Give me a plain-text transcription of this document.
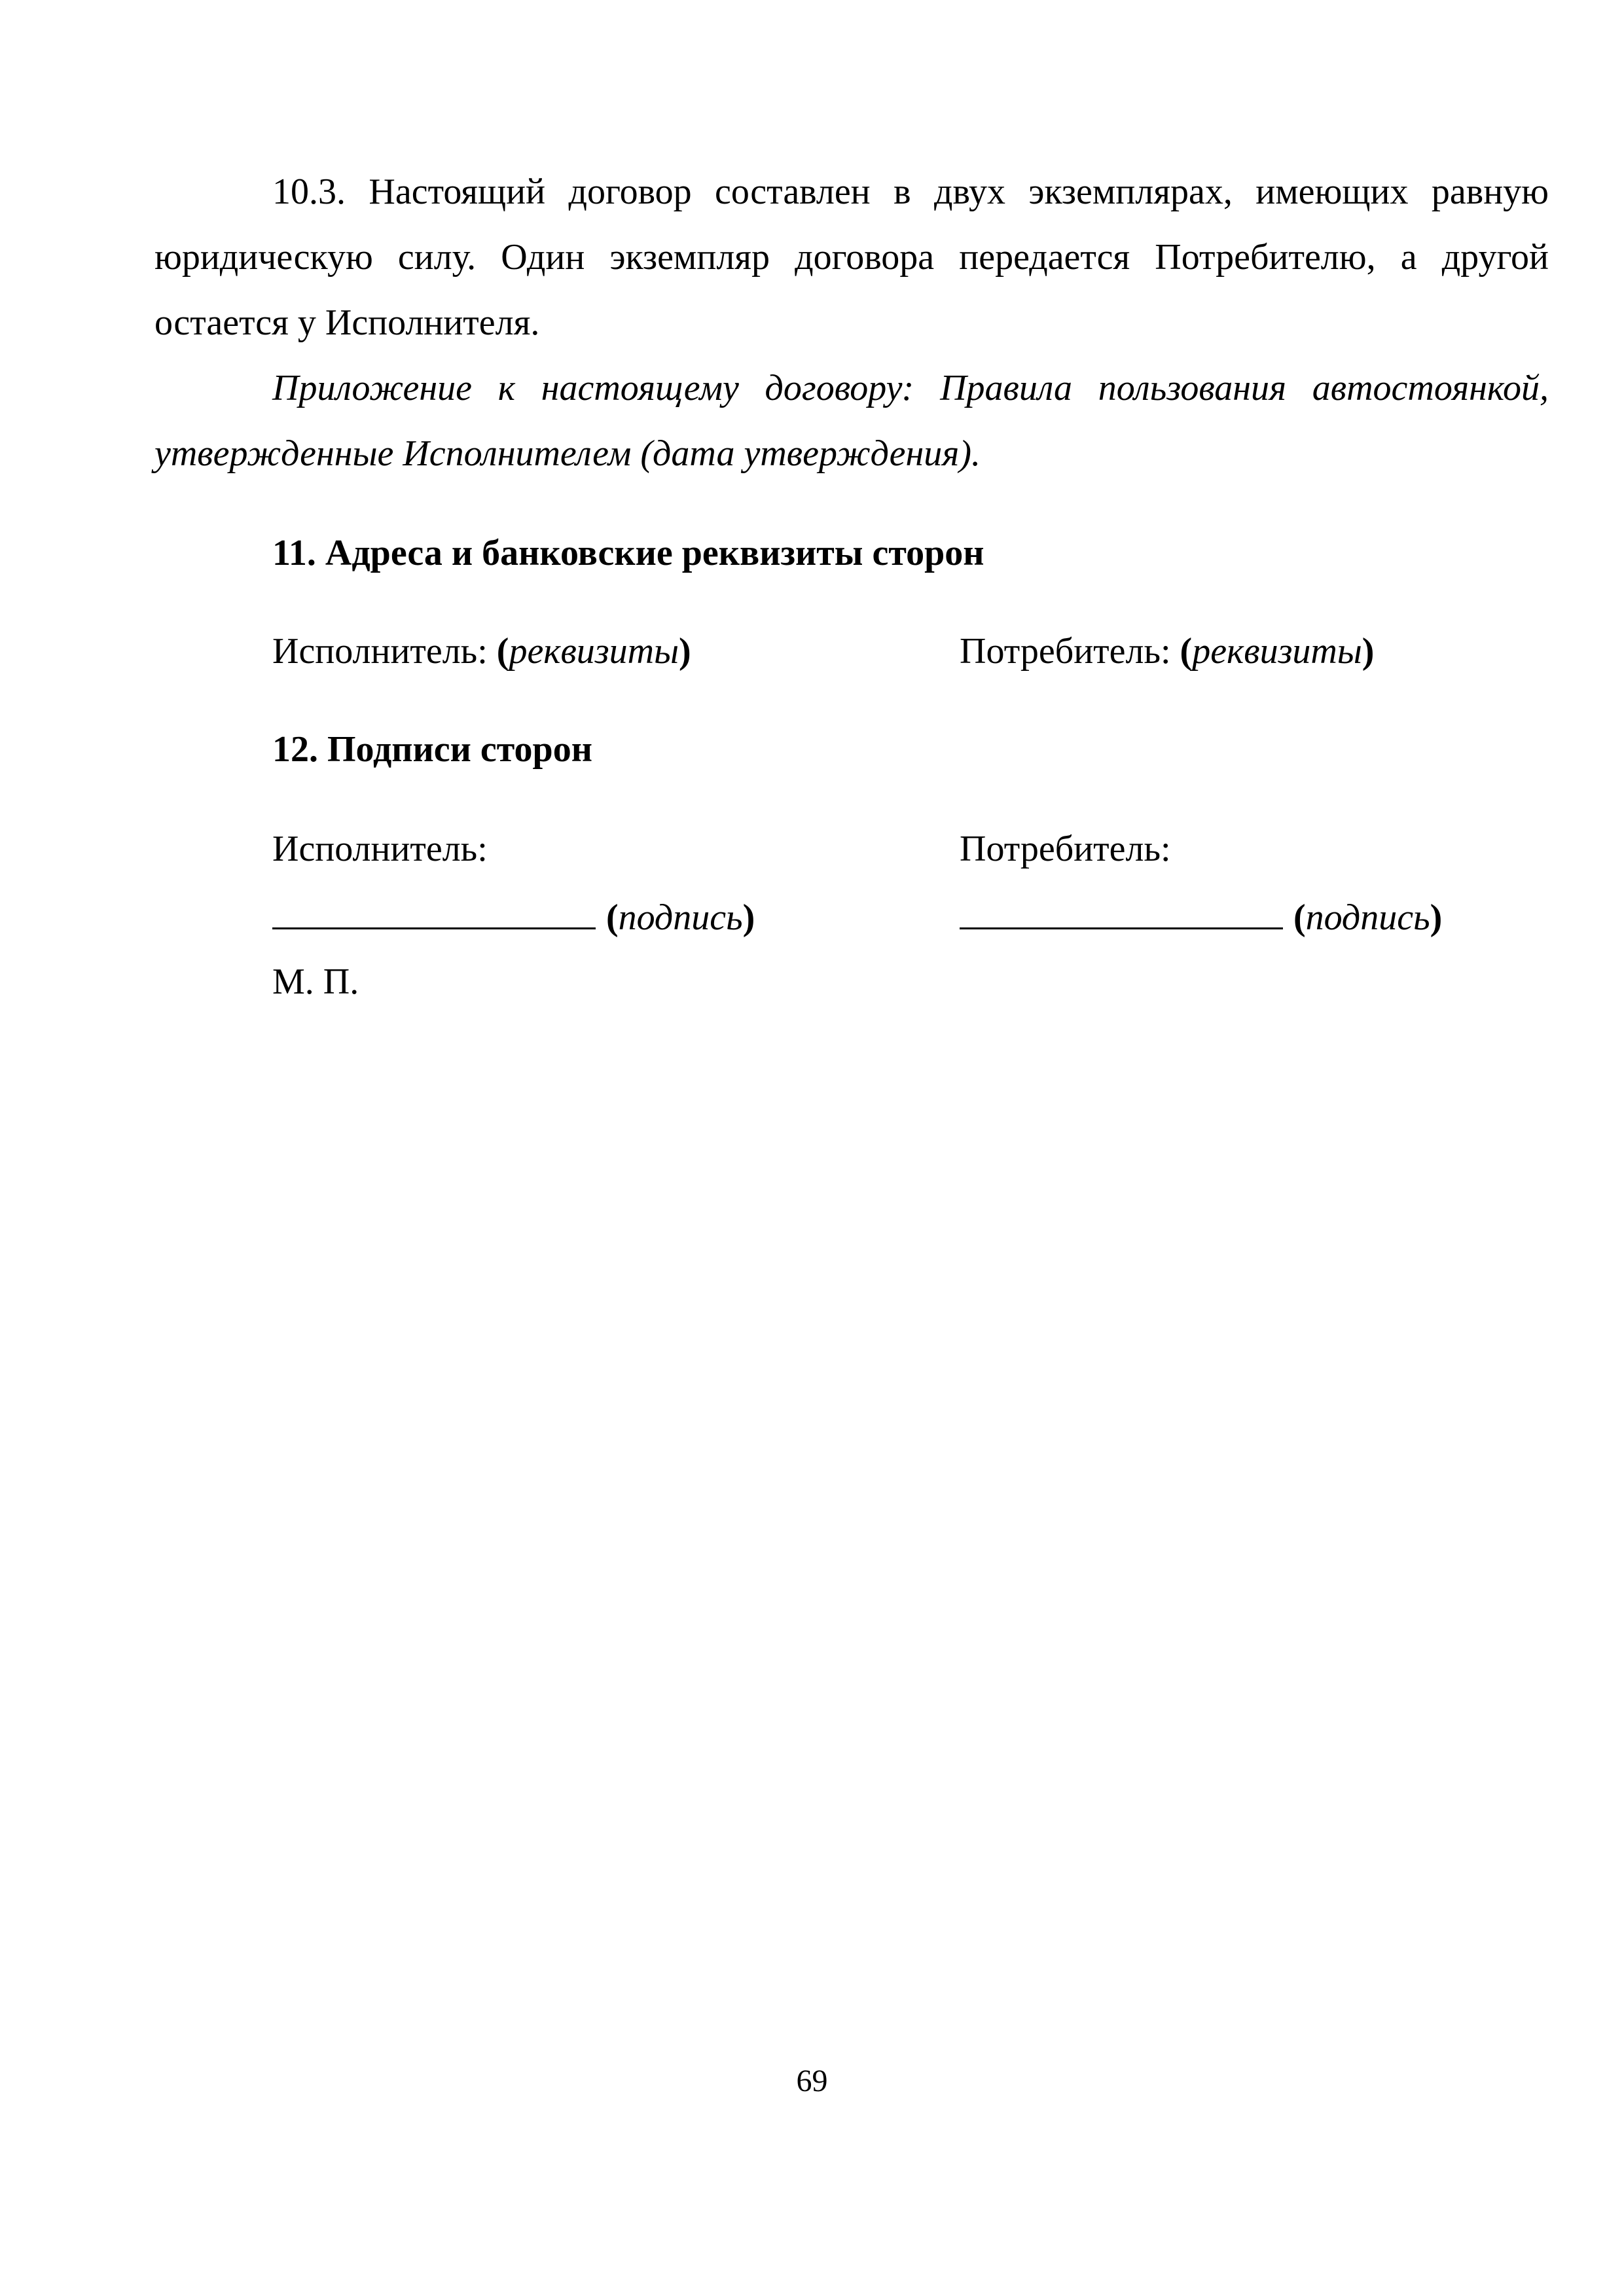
10.3. Настоящий договор составлен в двух экземплярах, имеющих равную юридическую силу. Один экземпляр договора передается Потребителю, а другой остается у Исполнителя.

Приложение к настоящему договору: Правила пользования автостоянкой, утвержденные Исполнителем (дата утверждения).

11. Адреса и банковские реквизиты сторон
Исполнитель: (реквизиты)	Потребитель: (реквизиты)
12. Подписи сторон
Исполнитель:	Потребитель:
(подпись)	(подпись)
М. П.
69
